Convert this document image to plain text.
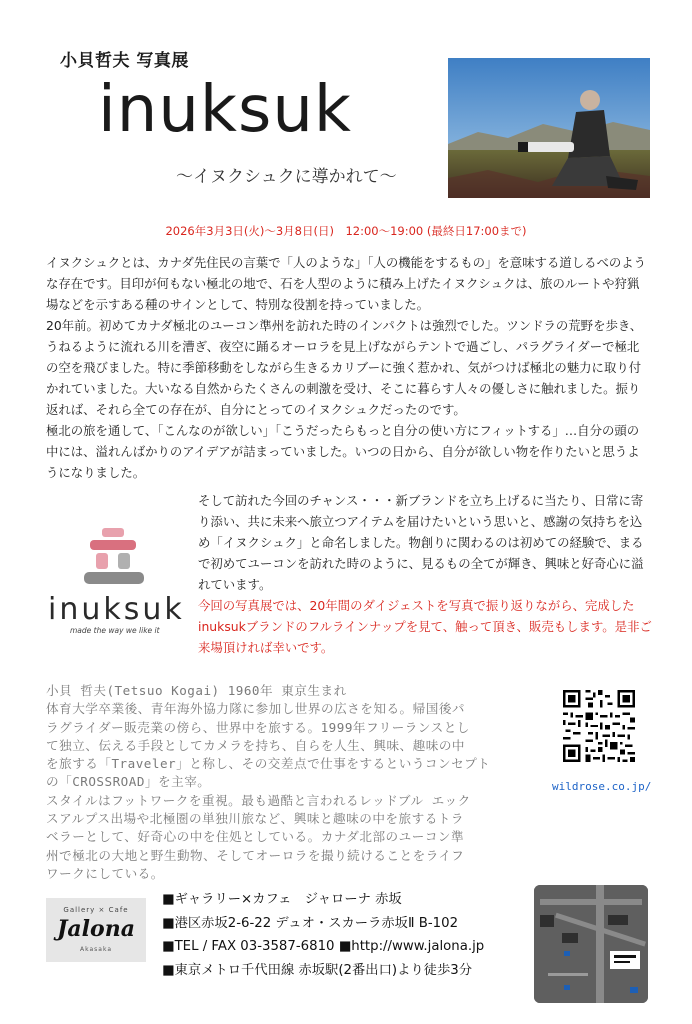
小貝哲夫 写真展
inuksuk
～イヌクシュクに導かれて～
2026年3月3日(火)～3月8日(日)　12:00～19:00 (最終日17:00まで)

イヌクシュクとは、カナダ先住民の言葉で「人のような」「人の機能をするもの」を意味する道しるべのような存在です。目印が何もない極北の地で、石を人型のように積み上げたイヌクシュクは、旅のルートや狩猟場などを示すある種のサインとして、特別な役割を持っていました。

20年前。初めてカナダ極北のユーコン準州を訪れた時のインパクトは強烈でした。ツンドラの荒野を歩き、うねるように流れる川を漕ぎ、夜空に踊るオーロラを見上げながらテントで過ごし、パラグライダーで極北の空を飛びました。特に季節移動をしながら生きるカリブーに強く惹かれ、気がつけば極北の魅力に取り付かれていました。大いなる自然からたくさんの刺激を受け、そこに暮らす人々の優しさに触れました。振り返れば、それら全ての存在が、自分にとってのイヌクシュクだったのです。

極北の旅を通して、「こんなのが欲しい」「こうだったらもっと自分の使い方にフィットする」…自分の頭の中には、溢れんばかりのアイデアが詰まっていました。いつの日から、自分が欲しい物を作りたいと思うようになりました。

inuksuk
made the way we like it

そして訪れた今回のチャンス・・・新ブランドを立ち上げるに当たり、日常に寄り添い、共に未来へ旅立つアイテムを届けたいという思いと、感謝の気持ちを込め「イヌクシュク」と命名しました。物創りに関わるのは初めての経験で、まるで初めてユーコンを訪れた時のように、見るもの全てが輝き、興味と好奇心に溢れています。

今回の写真展では、20年間のダイジェストを写真で振り返りながら、完成したinuksukブランドのフルラインナップを見て、触って頂き、販売もします。是非ご来場頂ければ幸いです。

小貝 哲夫(Tetsuo Kogai) 1960年 東京生まれ

体育大学卒業後、青年海外協力隊に参加し世界の広さを知る。帰国後パ

ラグライダー販売業の傍ら、世界中を旅する。1999年フリーランスとし

て独立、伝える手段としてカメラを持ち、自らを人生、興味、趣味の中

を旅する「Traveler」と称し、その交差点で仕事をするというコンセプト

の「CROSSROAD」を主宰。

スタイルはフットワークを重視。最も過酷と言われるレッドブル エック

スアルプス出場や北極圏の単独川旅など、興味と趣味の中を旅するトラ

ベラーとして、好奇心の中を住処としている。カナダ北部のユーコン準

州で極北の大地と野生動物、そしてオーロラを撮り続けることをライフ

ワークにしている。

wildrose.co.jp/
Gallery × Cafe
Jalona
Akasaka
■ギャラリー×カフェ　ジャローナ 赤坂
■港区赤坂2-6-22 デュオ・スカーラ赤坂Ⅱ B-102
■TEL / FAX 03-3587-6810 ■http://www.jalona.jp
■東京メトロ千代田線 赤坂駅(2番出口)より徒歩3分
